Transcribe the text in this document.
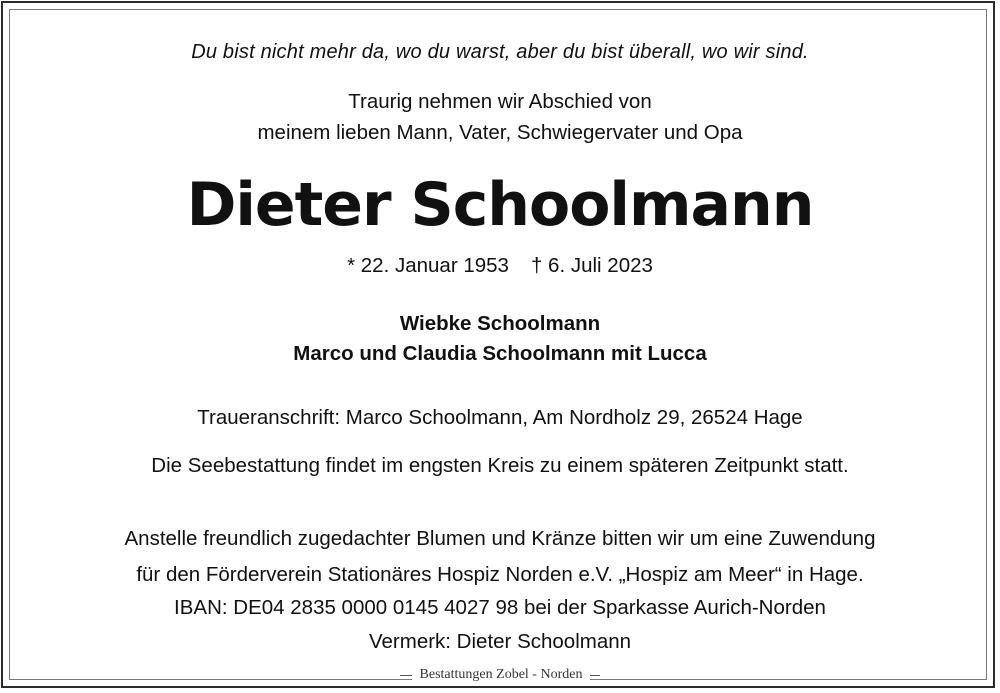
Du bist nicht mehr da, wo du warst, aber du bist überall, wo wir sind.
Traurig nehmen wir Abschied von
meinem lieben Mann, Vater, Schwiegervater und Opa
Dieter Schoolmann
* 22. Januar 1953 † 6. Juli 2023
Wiebke Schoolmann
Marco und Claudia Schoolmann mit Lucca
Traueranschrift: Marco Schoolmann, Am Nordholz 29, 26524 Hage
Die Seebestattung findet im engsten Kreis zu einem späteren Zeitpunkt statt.
Anstelle freundlich zugedachter Blumen und Kränze bitten wir um eine Zuwendung
für den Förderverein Stationäres Hospiz Norden e.V. „Hospiz am Meer“ in Hage.
IBAN: DE04 2835 0000 0145 4027 98 bei der Sparkasse Aurich-Norden
Vermerk: Dieter Schoolmann
Bestattungen Zobel - Norden
